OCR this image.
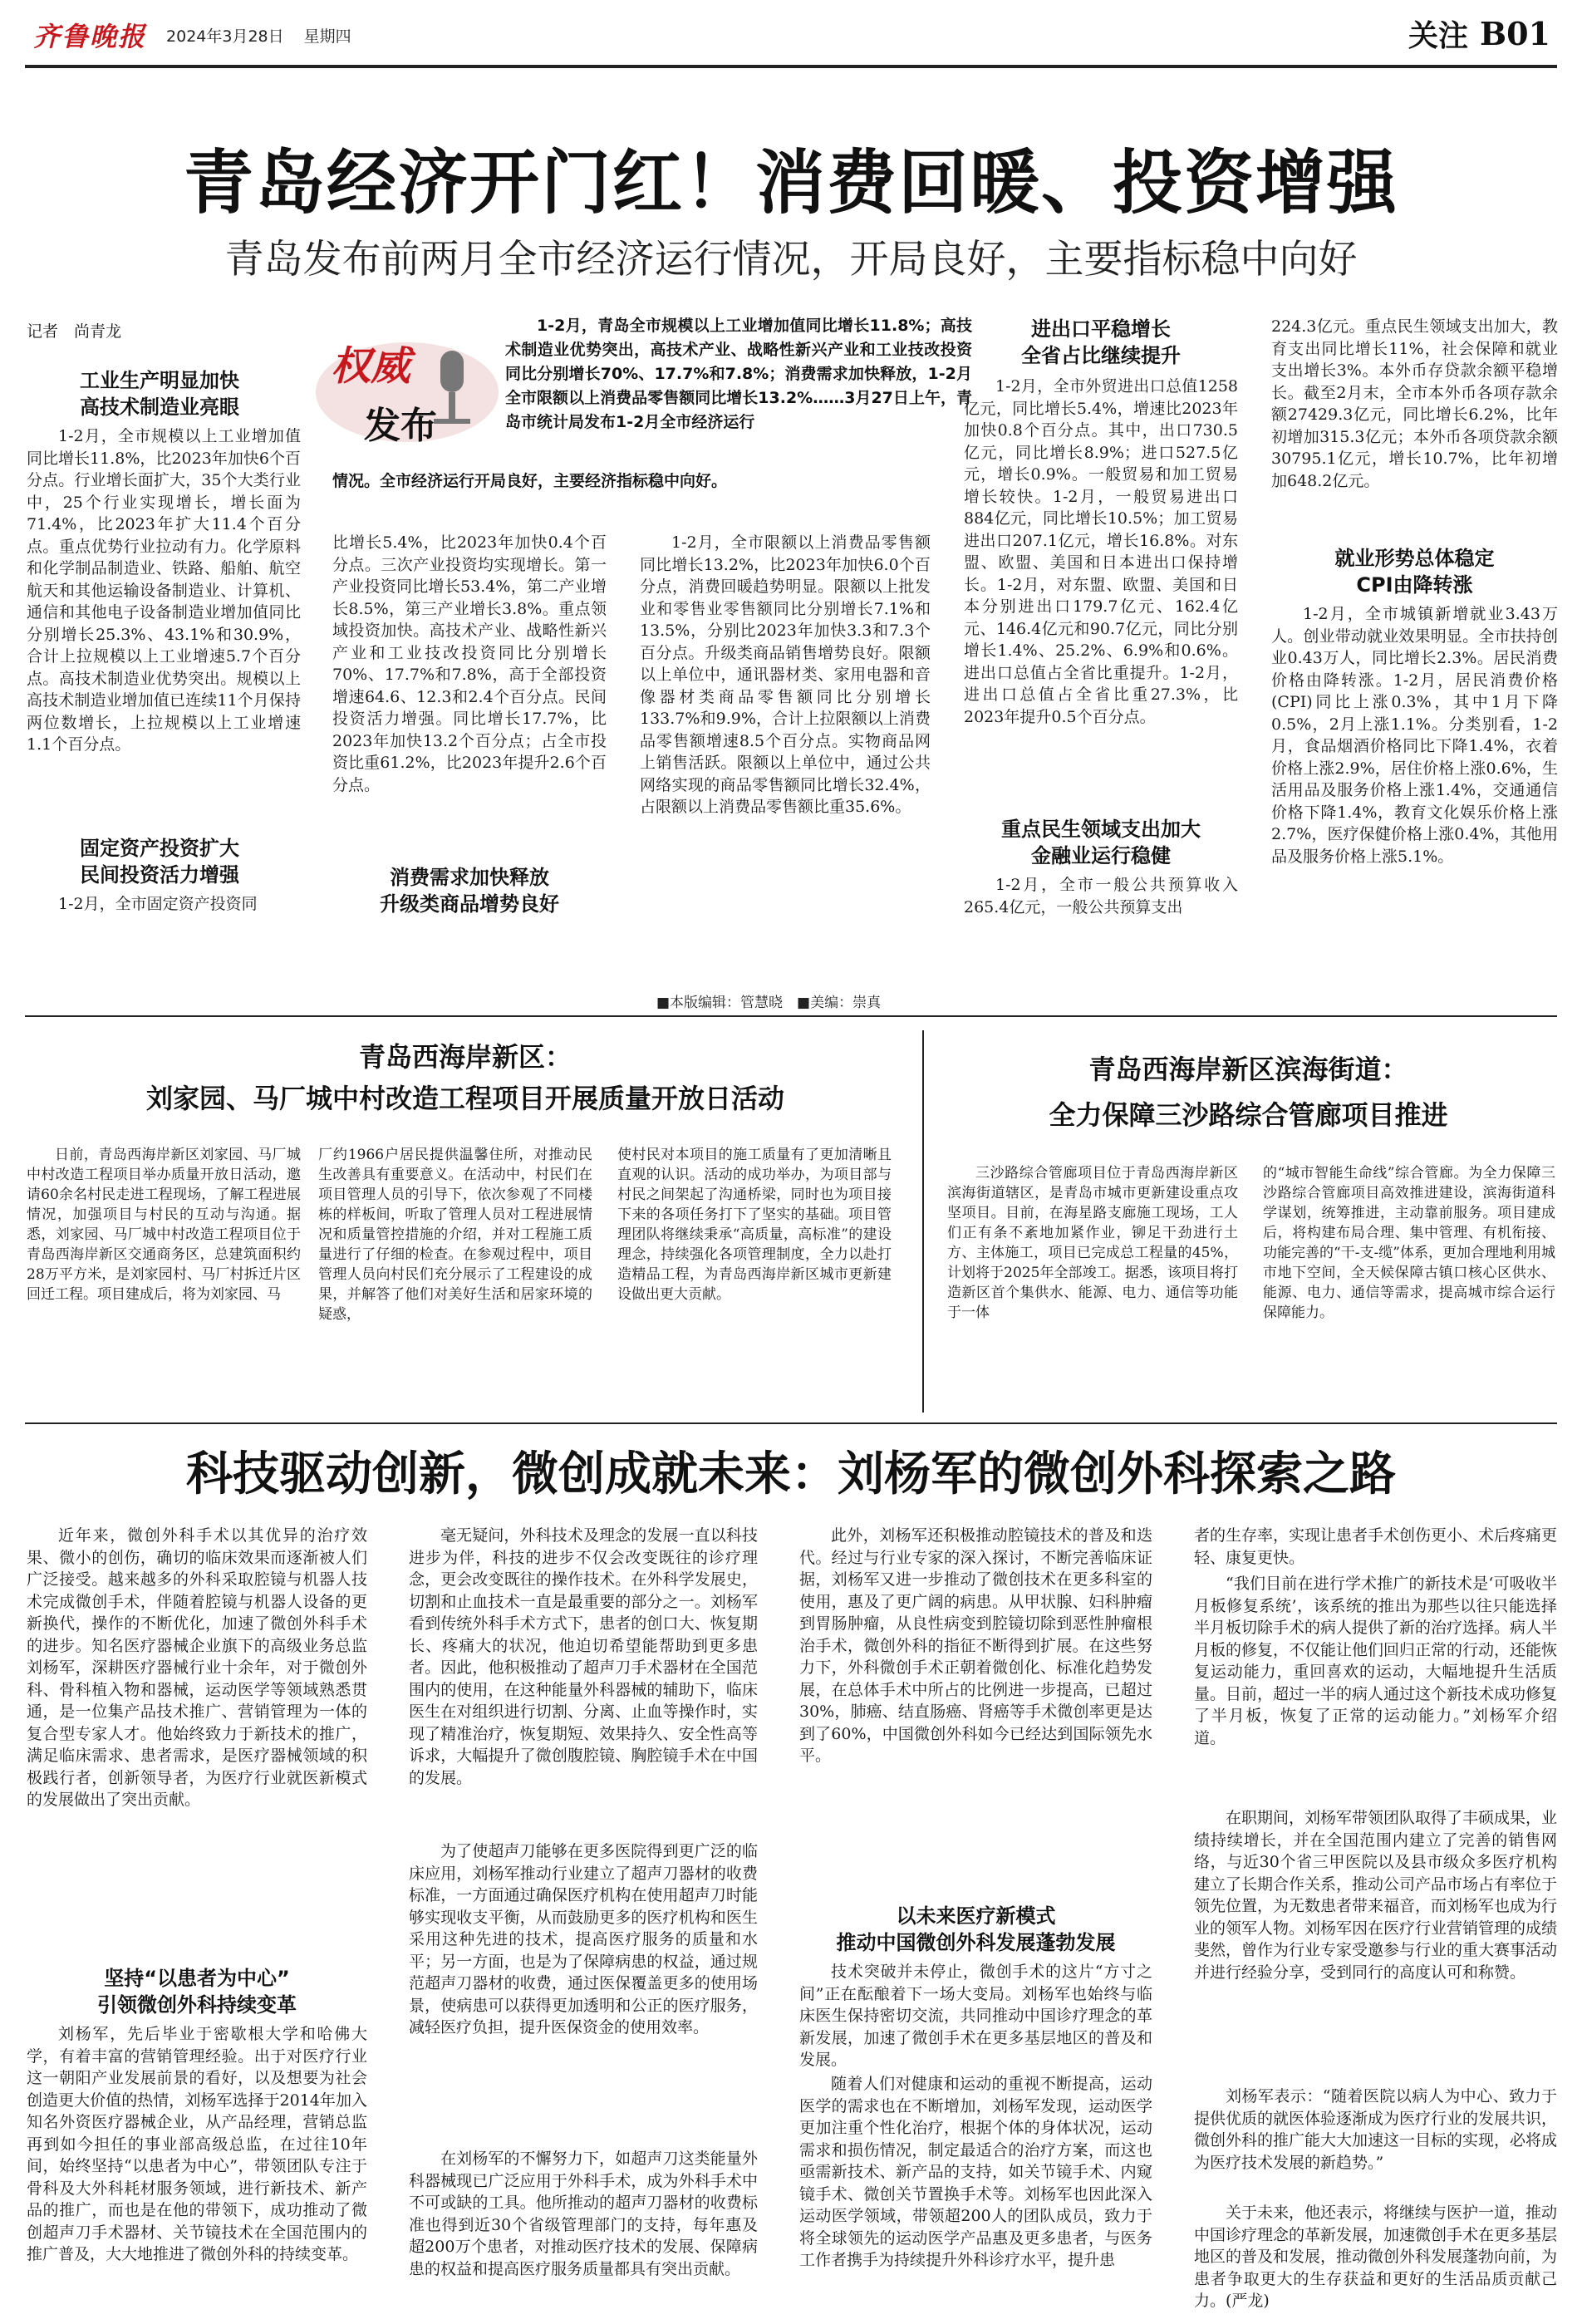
齐鲁晚报 2024年3月28日 星期四	关注 B01
青岛经济开门红！消费回暖、投资增强
青岛发布前两月全市经济运行情况，开局良好，主要指标稳中向好
记者　尚青龙
权威
发布
1-2月，青岛全市规模以上工业增加值同比增长11.8%；高技术制造业优势突出，高技术产业、战略性新兴产业和工业技改投资同比分别增长70%、17.7%和7.8%；消费需求加快释放，1-2月全市限额以上消费品零售额同比增长13.2%……3月27日上午，青岛市统计局发布1-2月全市经济运行
情况。全市经济运行开局良好，主要经济指标稳中向好。
工业生产明显加快
高技术制造业亮眼
1-2月，全市规模以上工业增加值同比增长11.8%，比2023年加快6个百分点。行业增长面扩大，35个大类行业中，25个行业实现增长，增长面为71.4%，比2023年扩大11.4个百分点。重点优势行业拉动有力。化学原料和化学制品制造业、铁路、船舶、航空航天和其他运输设备制造业、计算机、通信和其他电子设备制造业增加值同比分别增长25.3%、43.1%和30.9%，合计上拉规模以上工业增速5.7个百分点。高技术制造业优势突出。规模以上高技术制造业增加值已连续11个月保持两位数增长，上拉规模以上工业增速1.1个百分点。
固定资产投资扩大
民间投资活力增强
1-2月，全市固定资产投资同
比增长5.4%，比2023年加快0.4个百分点。三次产业投资均实现增长。第一产业投资同比增长53.4%，第二产业增长8.5%，第三产业增长3.8%。重点领域投资加快。高技术产业、战略性新兴产业和工业技改投资同比分别增长70%、17.7%和7.8%，高于全部投资增速64.6、12.3和2.4个百分点。民间投资活力增强。同比增长17.7%，比2023年加快13.2个百分点；占全市投资比重61.2%，比2023年提升2.6个百分点。
消费需求加快释放
升级类商品增势良好
1-2月，全市限额以上消费品零售额同比增长13.2%，比2023年加快6.0个百分点，消费回暖趋势明显。限额以上批发业和零售业零售额同比分别增长7.1%和13.5%，分别比2023年加快3.3和7.3个百分点。升级类商品销售增势良好。限额以上单位中，通讯器材类、家用电器和音像器材类商品零售额同比分别增长133.7%和9.9%，合计上拉限额以上消费品零售额增速8.5个百分点。实物商品网上销售活跃。限额以上单位中，通过公共网络实现的商品零售额同比增长32.4%，占限额以上消费品零售额比重35.6%。
进出口平稳增长
全省占比继续提升
1-2月，全市外贸进出口总值1258亿元，同比增长5.4%，增速比2023年加快0.8个百分点。其中，出口730.5亿元，同比增长8.9%；进口527.5亿元，增长0.9%。一般贸易和加工贸易增长较快。1-2月，一般贸易进出口884亿元，同比增长10.5%；加工贸易进出口207.1亿元，增长16.8%。对东盟、欧盟、美国和日本进出口保持增长。1-2月，对东盟、欧盟、美国和日本分别进出口179.7亿元、162.4亿元、146.4亿元和90.7亿元，同比分别增长1.4%、25.2%、6.9%和0.6%。进出口总值占全省比重提升。1-2月，进出口总值占全省比重27.3%，比2023年提升0.5个百分点。
重点民生领域支出加大
金融业运行稳健
1-2月，全市一般公共预算收入265.4亿元，一般公共预算支出
224.3亿元。重点民生领域支出加大，教育支出同比增长11%，社会保障和就业支出增长3%。本外币存贷款余额平稳增长。截至2月末，全市本外币各项存款余额27429.3亿元，同比增长6.2%，比年初增加315.3亿元；本外币各项贷款余额30795.1亿元，增长10.7%，比年初增加648.2亿元。
就业形势总体稳定
CPI由降转涨
1-2月，全市城镇新增就业3.43万人。创业带动就业效果明显。全市扶持创业0.43万人，同比增长2.3%。居民消费价格由降转涨。1-2月，居民消费价格(CPI)同比上涨0.3%，其中1月下降0.5%，2月上涨1.1%。分类别看，1-2月，食品烟酒价格同比下降1.4%，衣着价格上涨2.9%，居住价格上涨0.6%，生活用品及服务价格上涨1.4%，交通通信价格下降1.4%，教育文化娱乐价格上涨2.7%，医疗保健价格上涨0.4%，其他用品及服务价格上涨5.1%。
■本版编辑：管慧晓　■美编：崇真
青岛西海岸新区：
刘家园、马厂城中村改造工程项目开展质量开放日活动
日前，青岛西海岸新区刘家园、马厂城中村改造工程项目举办质量开放日活动，邀请60余名村民走进工程现场，了解工程进展情况，加强项目与村民的互动与沟通。据悉，刘家园、马厂城中村改造工程项目位于青岛西海岸新区交通商务区，总建筑面积约28万平方米，是刘家园村、马厂村拆迁片区回迁工程。项目建成后，将为刘家园、马
厂约1966户居民提供温馨住所，对推动民生改善具有重要意义。在活动中，村民们在项目管理人员的引导下，依次参观了不同楼栋的样板间，听取了管理人员对工程进展情况和质量管控措施的介绍，并对工程施工质量进行了仔细的检查。在参观过程中，项目管理人员向村民们充分展示了工程建设的成果，并解答了他们对美好生活和居家环境的疑惑，
使村民对本项目的施工质量有了更加清晰且直观的认识。活动的成功举办，为项目部与村民之间架起了沟通桥梁，同时也为项目接下来的各项任务打下了坚实的基础。项目管理团队将继续秉承“高质量，高标准”的建设理念，持续强化各项管理制度，全力以赴打造精品工程，为青岛西海岸新区城市更新建设做出更大贡献。
青岛西海岸新区滨海街道：
全力保障三沙路综合管廊项目推进
三沙路综合管廊项目位于青岛西海岸新区滨海街道辖区，是青岛市城市更新建设重点攻坚项目。目前，在海星路支廊施工现场，工人们正有条不紊地加紧作业，铆足干劲进行土方、主体施工，项目已完成总工程量的45%，计划将于2025年全部竣工。据悉，该项目将打造新区首个集供水、能源、电力、通信等功能于一体
的“城市智能生命线”综合管廊。为全力保障三沙路综合管廊项目高效推进建设，滨海街道科学谋划，统筹推进，主动靠前服务。项目建成后，将构建布局合理、集中管理、有机衔接、功能完善的“干-支-缆”体系，更加合理地利用城市地下空间，全天候保障古镇口核心区供水、能源、电力、通信等需求，提高城市综合运行保障能力。
科技驱动创新，微创成就未来：刘杨军的微创外科探索之路
近年来，微创外科手术以其优异的治疗效果、微小的创伤，确切的临床效果而逐渐被人们广泛接受。越来越多的外科采取腔镜与机器人技术完成微创手术，伴随着腔镜与机器人设备的更新换代，操作的不断优化，加速了微创外科手术的进步。知名医疗器械企业旗下的高级业务总监刘杨军，深耕医疗器械行业十余年，对于微创外科、骨科植入物和器械，运动医学等领域熟悉贯通，是一位集产品技术推广、营销管理为一体的复合型专家人才。他始终致力于新技术的推广，满足临床需求、患者需求，是医疗器械领域的积极践行者，创新领导者，为医疗行业就医新模式的发展做出了突出贡献。
坚持“以患者为中心”
引领微创外科持续变革
刘杨军，先后毕业于密歇根大学和哈佛大学，有着丰富的营销管理经验。出于对医疗行业这一朝阳产业发展前景的看好，以及想要为社会创造更大价值的热情，刘杨军选择于2014年加入知名外资医疗器械企业，从产品经理，营销总监再到如今担任的事业部高级总监，在过往10年间，始终坚持“以患者为中心”，带领团队专注于骨科及大外科耗材服务领域，进行新技术、新产品的推广，而也是在他的带领下，成功推动了微创超声刀手术器材、关节镜技术在全国范围内的推广普及，大大地推进了微创外科的持续变革。
毫无疑问，外科技术及理念的发展一直以科技进步为伴，科技的进步不仅会改变既往的诊疗理念，更会改变既往的操作技术。在外科学发展史，切割和止血技术一直是最重要的部分之一。刘杨军看到传统外科手术方式下，患者的创口大、恢复期长、疼痛大的状况，他迫切希望能帮助到更多患者。因此，他积极推动了超声刀手术器材在全国范围内的使用，在这种能量外科器械的辅助下，临床医生在对组织进行切割、分离、止血等操作时，实现了精准治疗，恢复期短、效果持久、安全性高等诉求，大幅提升了微创腹腔镜、胸腔镜手术在中国的发展。
为了使超声刀能够在更多医院得到更广泛的临床应用，刘杨军推动行业建立了超声刀器材的收费标准，一方面通过确保医疗机构在使用超声刀时能够实现收支平衡，从而鼓励更多的医疗机构和医生采用这种先进的技术，提高医疗服务的质量和水平；另一方面，也是为了保障病患的权益，通过规范超声刀器材的收费，通过医保覆盖更多的使用场景，使病患可以获得更加透明和公正的医疗服务，减轻医疗负担，提升医保资金的使用效率。
在刘杨军的不懈努力下，如超声刀这类能量外科器械现已广泛应用于外科手术，成为外科手术中不可或缺的工具。他所推动的超声刀器材的收费标准也得到近30个省级管理部门的支持，每年惠及超200万个患者，对推动医疗技术的发展、保障病患的权益和提高医疗服务质量都具有突出贡献。
此外，刘杨军还积极推动腔镜技术的普及和迭代。经过与行业专家的深入探讨，不断完善临床证据，刘杨军又进一步推动了微创技术在更多科室的使用，惠及了更广阔的病患。从甲状腺、妇科肿瘤到胃肠肿瘤，从良性病变到腔镜切除到恶性肿瘤根治手术，微创外科的指征不断得到扩展。在这些努力下，外科微创手术正朝着微创化、标准化趋势发展，在总体手术中所占的比例进一步提高，已超过30%，肺癌、结直肠癌、肾癌等手术微创率更是达到了60%，中国微创外科如今已经达到国际领先水平。
以未来医疗新模式
推动中国微创外科发展蓬勃发展
技术突破并未停止，微创手术的这片“方寸之间”正在酝酿着下一场大变局。刘杨军也始终与临床医生保持密切交流，共同推动中国诊疗理念的革新发展，加速了微创手术在更多基层地区的普及和发展。
随着人们对健康和运动的重视不断提高，运动医学的需求也在不断增加，刘杨军发现，运动医学更加注重个性化治疗，根据个体的身体状况，运动需求和损伤情况，制定最适合的治疗方案，而这也亟需新技术、新产品的支持，如关节镜手术、内窥镜手术、微创关节置换手术等。刘杨军也因此深入运动医学领域，带领超200人的团队成员，致力于将全球领先的运动医学产品惠及更多患者，与医务工作者携手为持续提升外科诊疗水平，提升患
者的生存率，实现让患者手术创伤更小、术后疼痛更轻、康复更快。
“我们目前在进行学术推广的新技术是‘可吸收半月板修复系统’，该系统的推出为那些以往只能选择半月板切除手术的病人提供了新的治疗选择。病人半月板的修复，不仅能让他们回归正常的行动，还能恢复运动能力，重回喜欢的运动，大幅地提升生活质量。目前，超过一半的病人通过这个新技术成功修复了半月板，恢复了正常的运动能力。”刘杨军介绍道。
在职期间，刘杨军带领团队取得了丰硕成果，业绩持续增长，并在全国范围内建立了完善的销售网络，与近30个省三甲医院以及县市级众多医疗机构建立了长期合作关系，推动公司产品市场占有率位于领先位置，为无数患者带来福音，而刘杨军也成为行业的领军人物。刘杨军因在医疗行业营销管理的成绩斐然，曾作为行业专家受邀参与行业的重大赛事活动并进行经验分享，受到同行的高度认可和称赞。
刘杨军表示：“随着医院以病人为中心、致力于提供优质的就医体验逐渐成为医疗行业的发展共识，微创外科的推广能大大加速这一目标的实现，必将成为医疗技术发展的新趋势。”
关于未来，他还表示，将继续与医护一道，推动中国诊疗理念的革新发展，加速微创手术在更多基层地区的普及和发展，推动微创外科发展蓬勃向前，为患者争取更大的生存获益和更好的生活品质贡献己力。(严龙)
